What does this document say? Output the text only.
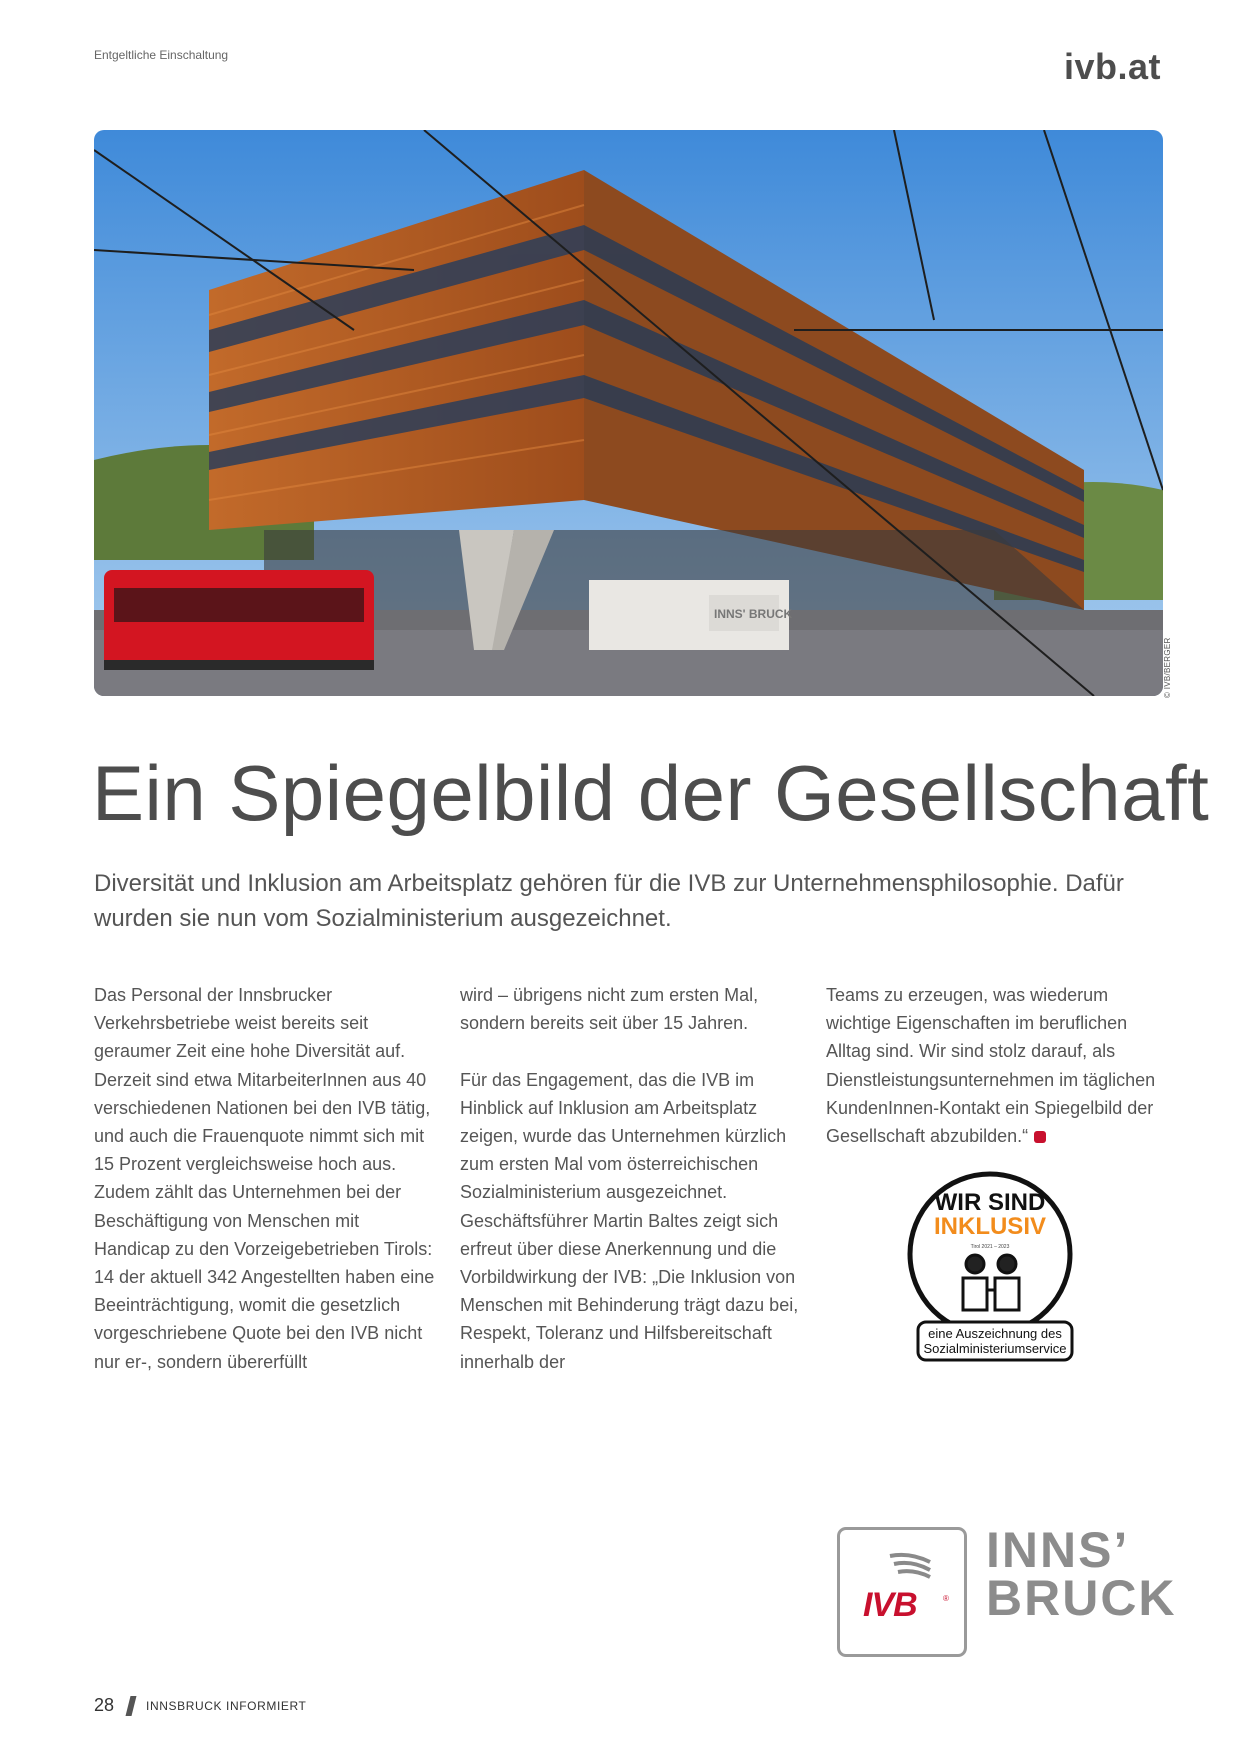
Entgeltliche Einschaltung	ivb.at
INNS' BRUCK
© IVB/BERGER
Ein Spiegelbild der Gesellschaft

Diversität und Inklusion am Arbeitsplatz gehören für die IVB zur Unternehmensphilosophie. Dafür wurden sie nun vom Sozialministerium ausgezeichnet.

Das Personal der Innsbrucker Verkehrsbetriebe weist bereits seit geraumer Zeit eine hohe Diversität auf. Derzeit sind etwa MitarbeiterInnen aus 40 verschiedenen Nationen bei den IVB tätig, und auch die Frauenquote nimmt sich mit 15 Prozent vergleichsweise hoch aus. Zudem zählt das Unternehmen bei der Beschäftigung von Menschen mit Handicap zu den Vorzeigebetrieben Tirols: 14 der aktuell 342 Angestellten haben eine Beeinträchtigung, womit die gesetzlich vorgeschriebene Quote bei den IVB nicht nur er-, sondern übererfüllt

wird – übrigens nicht zum ersten Mal, sondern bereits seit über 15 Jahren.

Für das Engagement, das die IVB im Hinblick auf Inklusion am Arbeitsplatz zeigen, wurde das Unternehmen kürzlich zum ersten Mal vom österreichischen Sozialministerium ausgezeichnet. Geschäftsführer Martin Baltes zeigt sich erfreut über diese Anerkennung und die Vorbildwirkung der IVB: „Die Inklusion von Menschen mit Behinderung trägt dazu bei, Respekt, Toleranz und Hilfsbereitschaft innerhalb der

Teams zu erzeugen, was wiederum wichtige Eigenschaften im beruflichen Alltag sind. Wir sind stolz darauf, als Dienstleistungsunternehmen im täglichen KundenInnen-Kontakt ein Spiegelbild der Gesellschaft abzubilden.“

WIR SIND
INKLUSIV
Tirol 2021 – 2023
eine Auszeichnung des
Sozialministeriumservice
IVB	®
INNS’
BRUCK
28	INNSBRUCK INFORMIERT
